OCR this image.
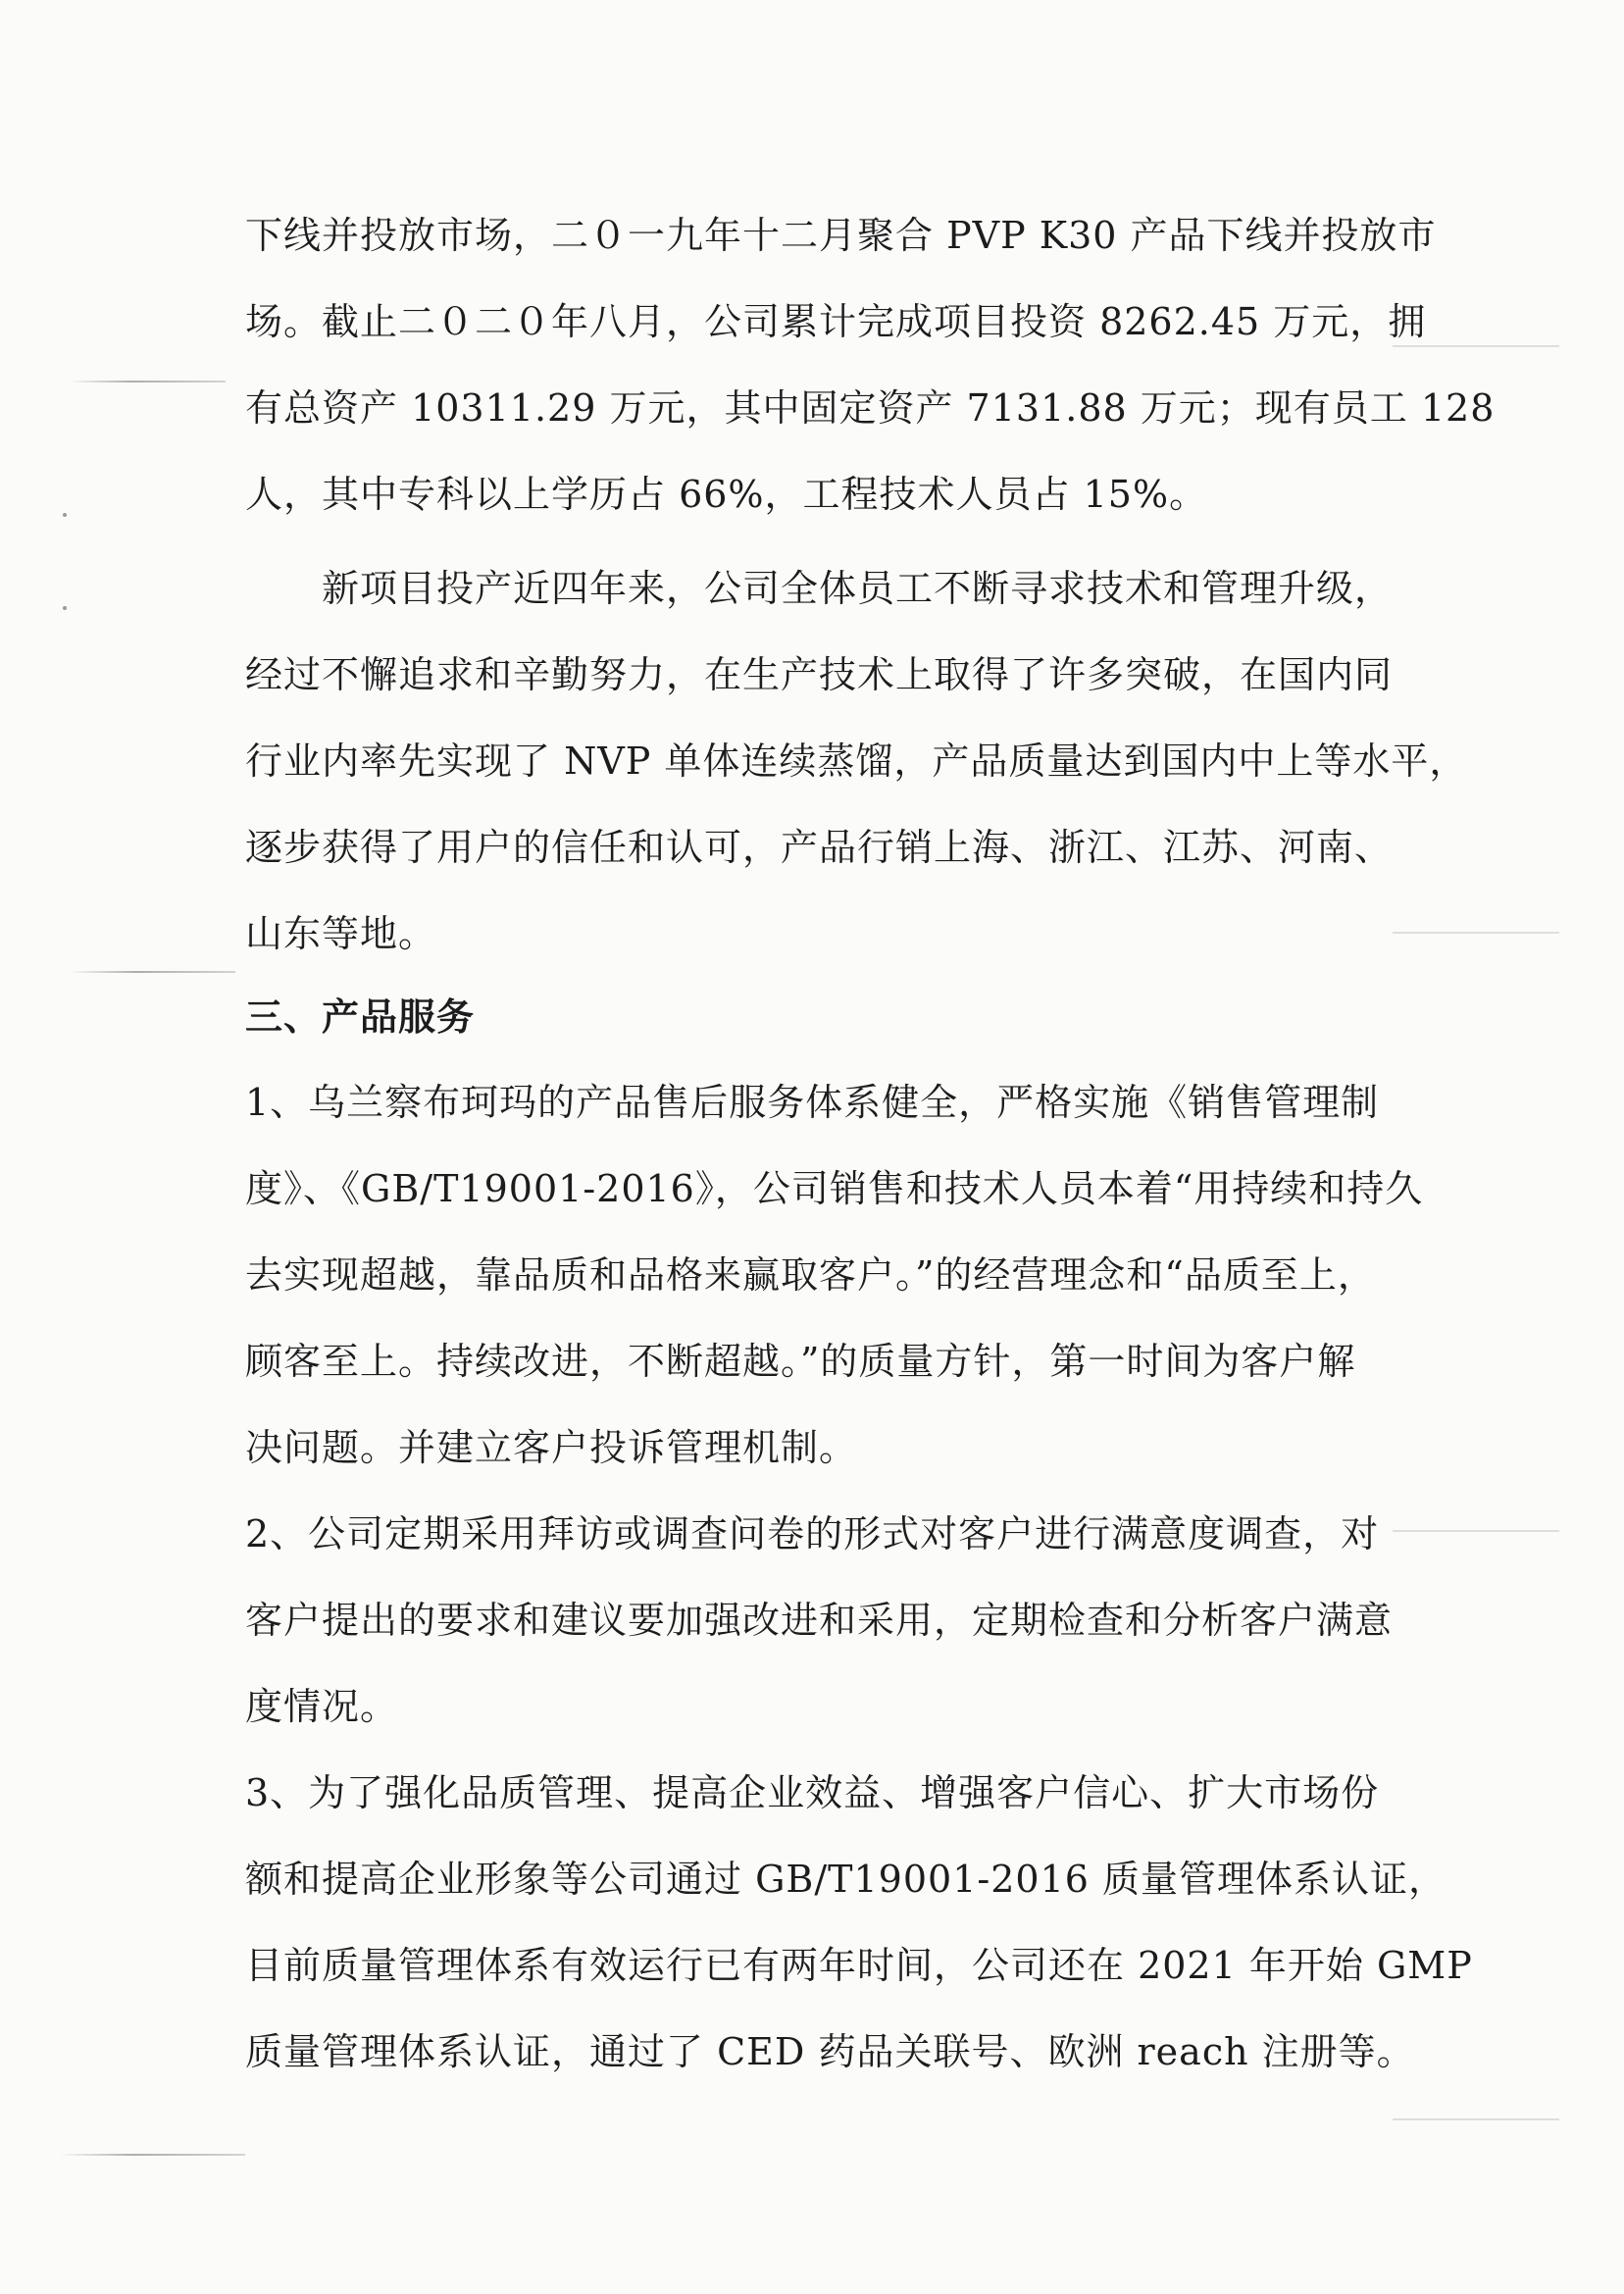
下线并投放市场，二０一九年十二月聚合 PVP K30 产品下线并投放市
场。截止二０二０年八月，公司累计完成项目投资 8262.45 万元，拥
有总资产 10311.29 万元，其中固定资产 7131.88 万元；现有员工 128
人，其中专科以上学历占 66%，工程技术人员占 15%。
新项目投产近四年来，公司全体员工不断寻求技术和管理升级，
经过不懈追求和辛勤努力，在生产技术上取得了许多突破，在国内同
行业内率先实现了 NVP 单体连续蒸馏，产品质量达到国内中上等水平，
逐步获得了用户的信任和认可，产品行销上海、浙江、江苏、河南、
山东等地。
三、产品服务
1、乌兰察布珂玛的产品售后服务体系健全，严格实施《销售管理制
度》、《GB/T19001-2016》，公司销售和技术人员本着“用持续和持久
去实现超越，靠品质和品格来赢取客户。”的经营理念和“品质至上，
顾客至上。持续改进，不断超越。”的质量方针，第一时间为客户解
决问题。并建立客户投诉管理机制。
2、公司定期采用拜访或调查问卷的形式对客户进行满意度调查，对
客户提出的要求和建议要加强改进和采用，定期检查和分析客户满意
度情况。
3、为了强化品质管理、提高企业效益、增强客户信心、扩大市场份
额和提高企业形象等公司通过 GB/T19001-2016 质量管理体系认证，
目前质量管理体系有效运行已有两年时间，公司还在 2021 年开始 GMP
质量管理体系认证，通过了 CED 药品关联号、欧洲 reach 注册等。
